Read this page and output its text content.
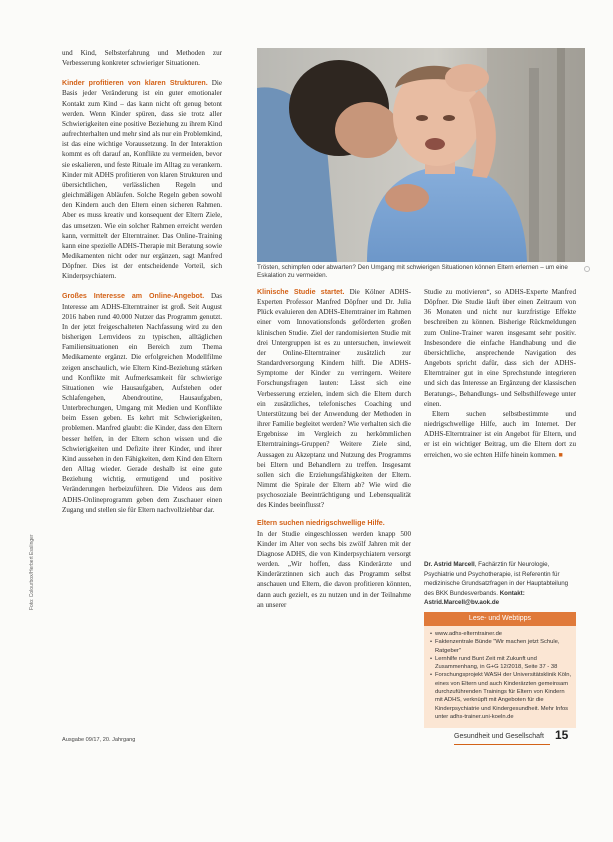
Foto: Colourbox/Herbert Esslinger

und Kind, Selbsterfahrung und Methoden zur Verbesserung konkreter schwieriger Situationen.

Kinder profitieren von klaren Strukturen. Die Basis jeder Veränderung ist ein guter emotionaler Kontakt zum Kind – das kann nicht oft genug betont werden. Wenn Kinder spüren, dass sie trotz aller Schwierigkeiten eine positive Beziehung zu ihrem Kind aufrechterhalten und mehr sind als nur ein Problemkind, ist das eine wichtige Voraussetzung. In der Interaktion kommt es oft darauf an, Konflikte zu vermeiden, bevor sie eskalieren, und feste Rituale im Alltag zu verankern. Kinder mit ADHS profitieren von klaren Strukturen und übersichtlichen, verlässlichen Regeln und gleichmäßigen Abläufen. Solche Regeln geben sowohl den Kindern auch den Eltern einen sicheren Rahmen. Aber es muss kreativ und konsequent der Eltern Ziele, das umsetzen. Wie ein solcher Rahmen erreicht werden kann, vermittelt der Elterntrainer. Das Online-Training kann eine spezielle ADHS-Therapie mit Beratung sowie Medikamenten nicht oder nur ergänzen, sagt Manfred Döpfner. Dies ist der entscheidende Vorteil, sich Kinderpsychiatern.

Großes Interesse am Online-Angebot. Das Interesse am ADHS-Elterntrainer ist groß. Seit August 2016 haben rund 40.000 Nutzer das Programm genutzt. In der jetzt freigeschalteten Nachfassung wird zu den bisherigen Lernvideos zu typischen, alltäglichen Familiensituationen ein Bereich zum Thema Medikamente ergänzt. Die erfolgreichen Modellfilme zeigen anschaulich, wie Eltern Kind-Beziehung stärken und Konflikte mit Aufmerksamkeit für schwierige Situationen wie Hausaufgaben, Aufstehen oder Schlafengehen, Abendroutine, Hausaufgaben, Unterbrechungen, Umgang mit Medien und Konflikte beim Essen geben. Es kehrt mit Schwierigkeiten, problemen. Manfred glaubt: die Kinder, dass den Eltern besser helfen, in der Eltern schon wissen und die Schwierigkeiten und Defizite ihrer Kinder, und ihrer Kind aussehen in den Fähigkeiten, dem Kind den Eltern den Alltag wieder. Gerade deshalb ist eine gute Beziehung wichtig, ermutigend und positive Veränderungen herbeizuführen. Die Videos aus dem ADHS-Onlineprogramm geben dem Zuschauer einen Zugang und stellen sie für Eltern nachvollziehbar dar.

Trösten, schimpfen oder abwarten? Den Umgang mit schwierigen Situationen können Eltern erlernen – um eine Eskalation zu vermeiden.

Klinische Studie startet. Die Kölner ADHS-Experten Professor Manfred Döpfner und Dr. Julia Plück evaluieren den ADHS-Elterntrainer im Rahmen einer vom Innovationsfonds geförderten großen klinischen Studie. Ziel der randomisierten Studie mit drei Untergruppen ist es zu untersuchen, inwieweit der Online-Elterntrainer zusätzlich zur Standardversorgung Kindern hilft. Die ADHS-Symptome der Kinder zu verringern. Weitere Forschungsfragen lauten: Lässt sich eine Verbesserung erzielen, indem sich die Eltern durch ein zusätzliches, telefonisches Coaching und Unterstützung bei der Anwendung der Methoden in ihrer Familie begleitet werden? Wie verhalten sich die Ergebnisse im Vergleich zu herkömmlichen Elterntrainings-Gruppen? Weitere Ziele sind, Aussagen zu Akzeptanz und Nutzung des Programms bei Eltern und Behandlern zu treffen. Insgesamt sollen sich die Erziehungsfähigkeiten der Eltern. Nimmt die Spirale der Eltern ab? Wie wird die psychosoziale Beeinträchtigung und Lebensqualität des Kindes beeinflusst?

Eltern suchen niedrigschwellige Hilfe.
In der Studie eingeschlossen werden knapp 500 Kinder im Alter von sechs bis zwölf Jahren mit der Diagnose ADHS, die von Kinderpsychiatern versorgt werden. „Wir hoffen, dass Kinderärzte und Kinderärztinnen sich auch das Programm selbst anschauen und Eltern, die davon profitieren könnten, dann auch gezielt, es zu nutzen und in der Teilnahme an unserer

Studie zu motivieren“, so ADHS-Experte Manfred Döpfner. Die Studie läuft über einen Zeitraum von 36 Monaten und nicht nur kurzfristige Effekte beschreiben zu können. Bisherige Rückmeldungen zum Online-Trainer waren insgesamt sehr positiv. Insbesondere die einfache Handhabung und die übersichtliche, ansprechende Navigation des Angebots spricht dafür, dass sich der ADHS-Elterntrainer gut in eine Sprechstunde integrieren und sich das Interesse an Ergänzung der klassischen Beratungs-, Behandlungs- und Selbsthilfewege unter einen.

Eltern suchen selbstbestimmte und niedrigschwellige Hilfe, auch im Internet. Der ADHS-Elterntrainer ist ein Angebot für Eltern, und er ist ein wichtiger Beitrag, um die Eltern dort zu erreichen, wo sie echten Hilfe hinein kommen. ■

Dr. Astrid Marcell, Fachärztin für Neurologie, Psychiatrie und Psychotherapie, ist Referentin für medizinische Grundsatzfragen in der Hauptabteilung des BKK Bundesverbands. Kontakt: Astrid.Marcell@bv.aok.de
Lese- und Webtipps
• www.adhs-elterntrainer.de
• Faktenzentrale Bünde "Wir machen jetzt Schule, Ratgeber"
• Lernhilfe rund Bunt Zeit mit Zukunft und Zusammenhang, in G+G 12/2018, Seite 37 - 38
• Forschungsprojekt WASH der Universitätsklinik Köln, eines von Eltern und auch Kinderärzten gemeinsam durchzuführenden Trainings für Eltern von Kindern mit ADHS, verknüpft mit Angeboten für die Kinderpsychiatrie und Kindergesundheit. Mehr Infos unter adhs-trainer.uni-koeln.de
Ausgabe 09/17, 20. Jahrgang	Gesundheit und Gesellschaft 15
